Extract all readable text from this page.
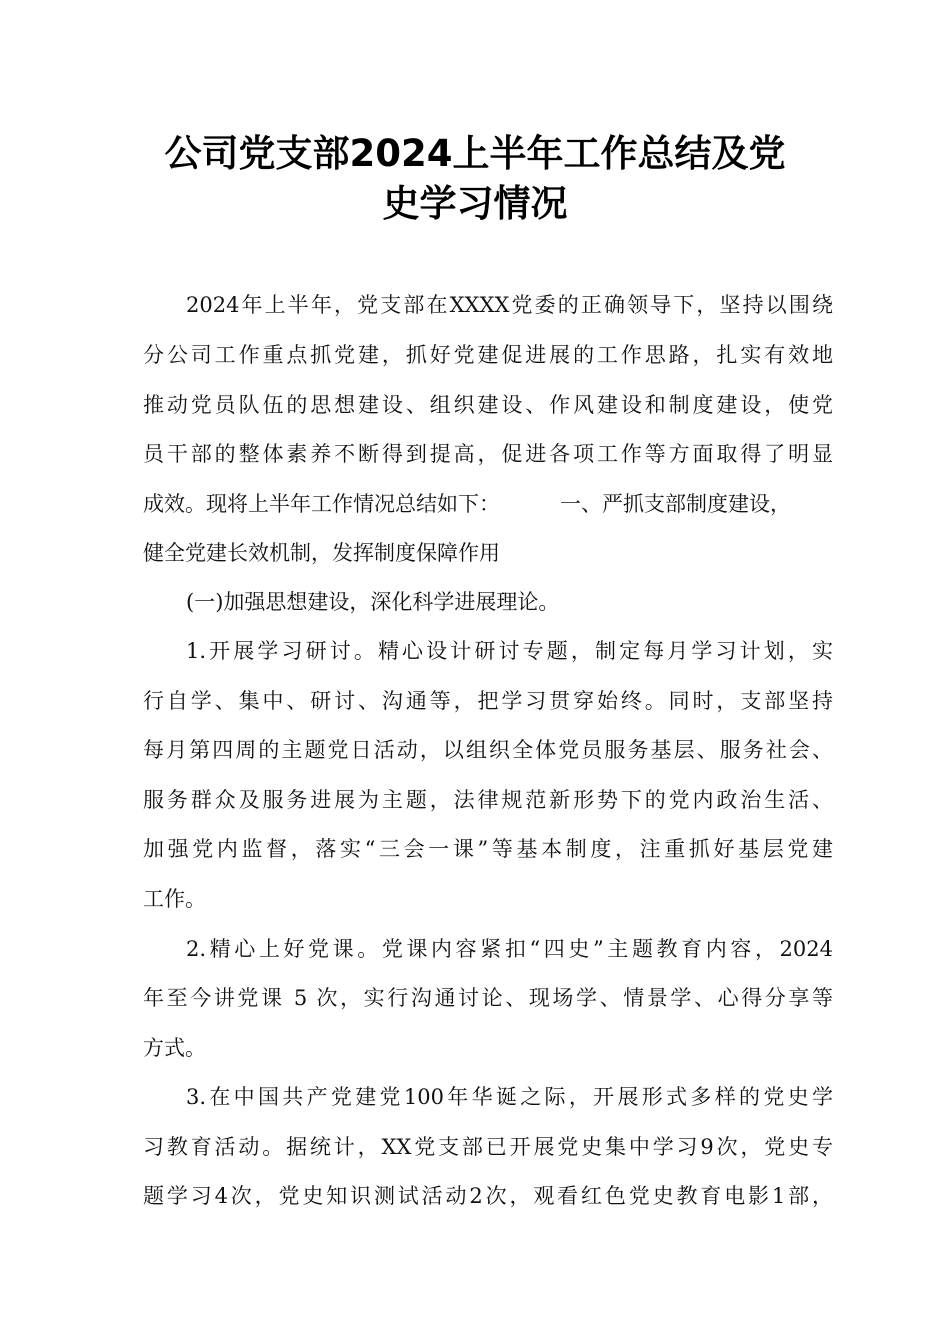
公司党支部2024上半年工作总结及党
史学习情况
2024年上半年，党支部在XXXX党委的正确领导下，坚持以围绕
分公司工作重点抓党建，抓好党建促进展的工作思路，扎实有效地
推动党员队伍的思想建设、组织建设、作风建设和制度建设，使党
员干部的整体素养不断得到提高，促进各项工作等方面取得了明显
成效。现将上半年工作情况总结如下：	一、严抓支部制度建设，
健全党建长效机制，发挥制度保障作用
(一)加强思想建设，深化科学进展理论。
1.开展学习研讨。精心设计研讨专题，制定每月学习计划，实
行自学、集中、研讨、沟通等，把学习贯穿始终。同时，支部坚持
每月第四周的主题党日活动，以组织全体党员服务基层、服务社会、
服务群众及服务进展为主题，法律规范新形势下的党内政治生活、
加强党内监督，落实“三会一课”等基本制度，注重抓好基层党建
工作。
2.精心上好党课。党课内容紧扣“四史”主题教育内容，2024
年至今讲党课 5 次，实行沟通讨论、现场学、情景学、心得分享等
方式。
3.在中国共产党建党100年华诞之际，开展形式多样的党史学
习教育活动。据统计，XX党支部已开展党史集中学习9次，党史专
题学习4次，党史知识测试活动2次，观看红色党史教育电影1部，
